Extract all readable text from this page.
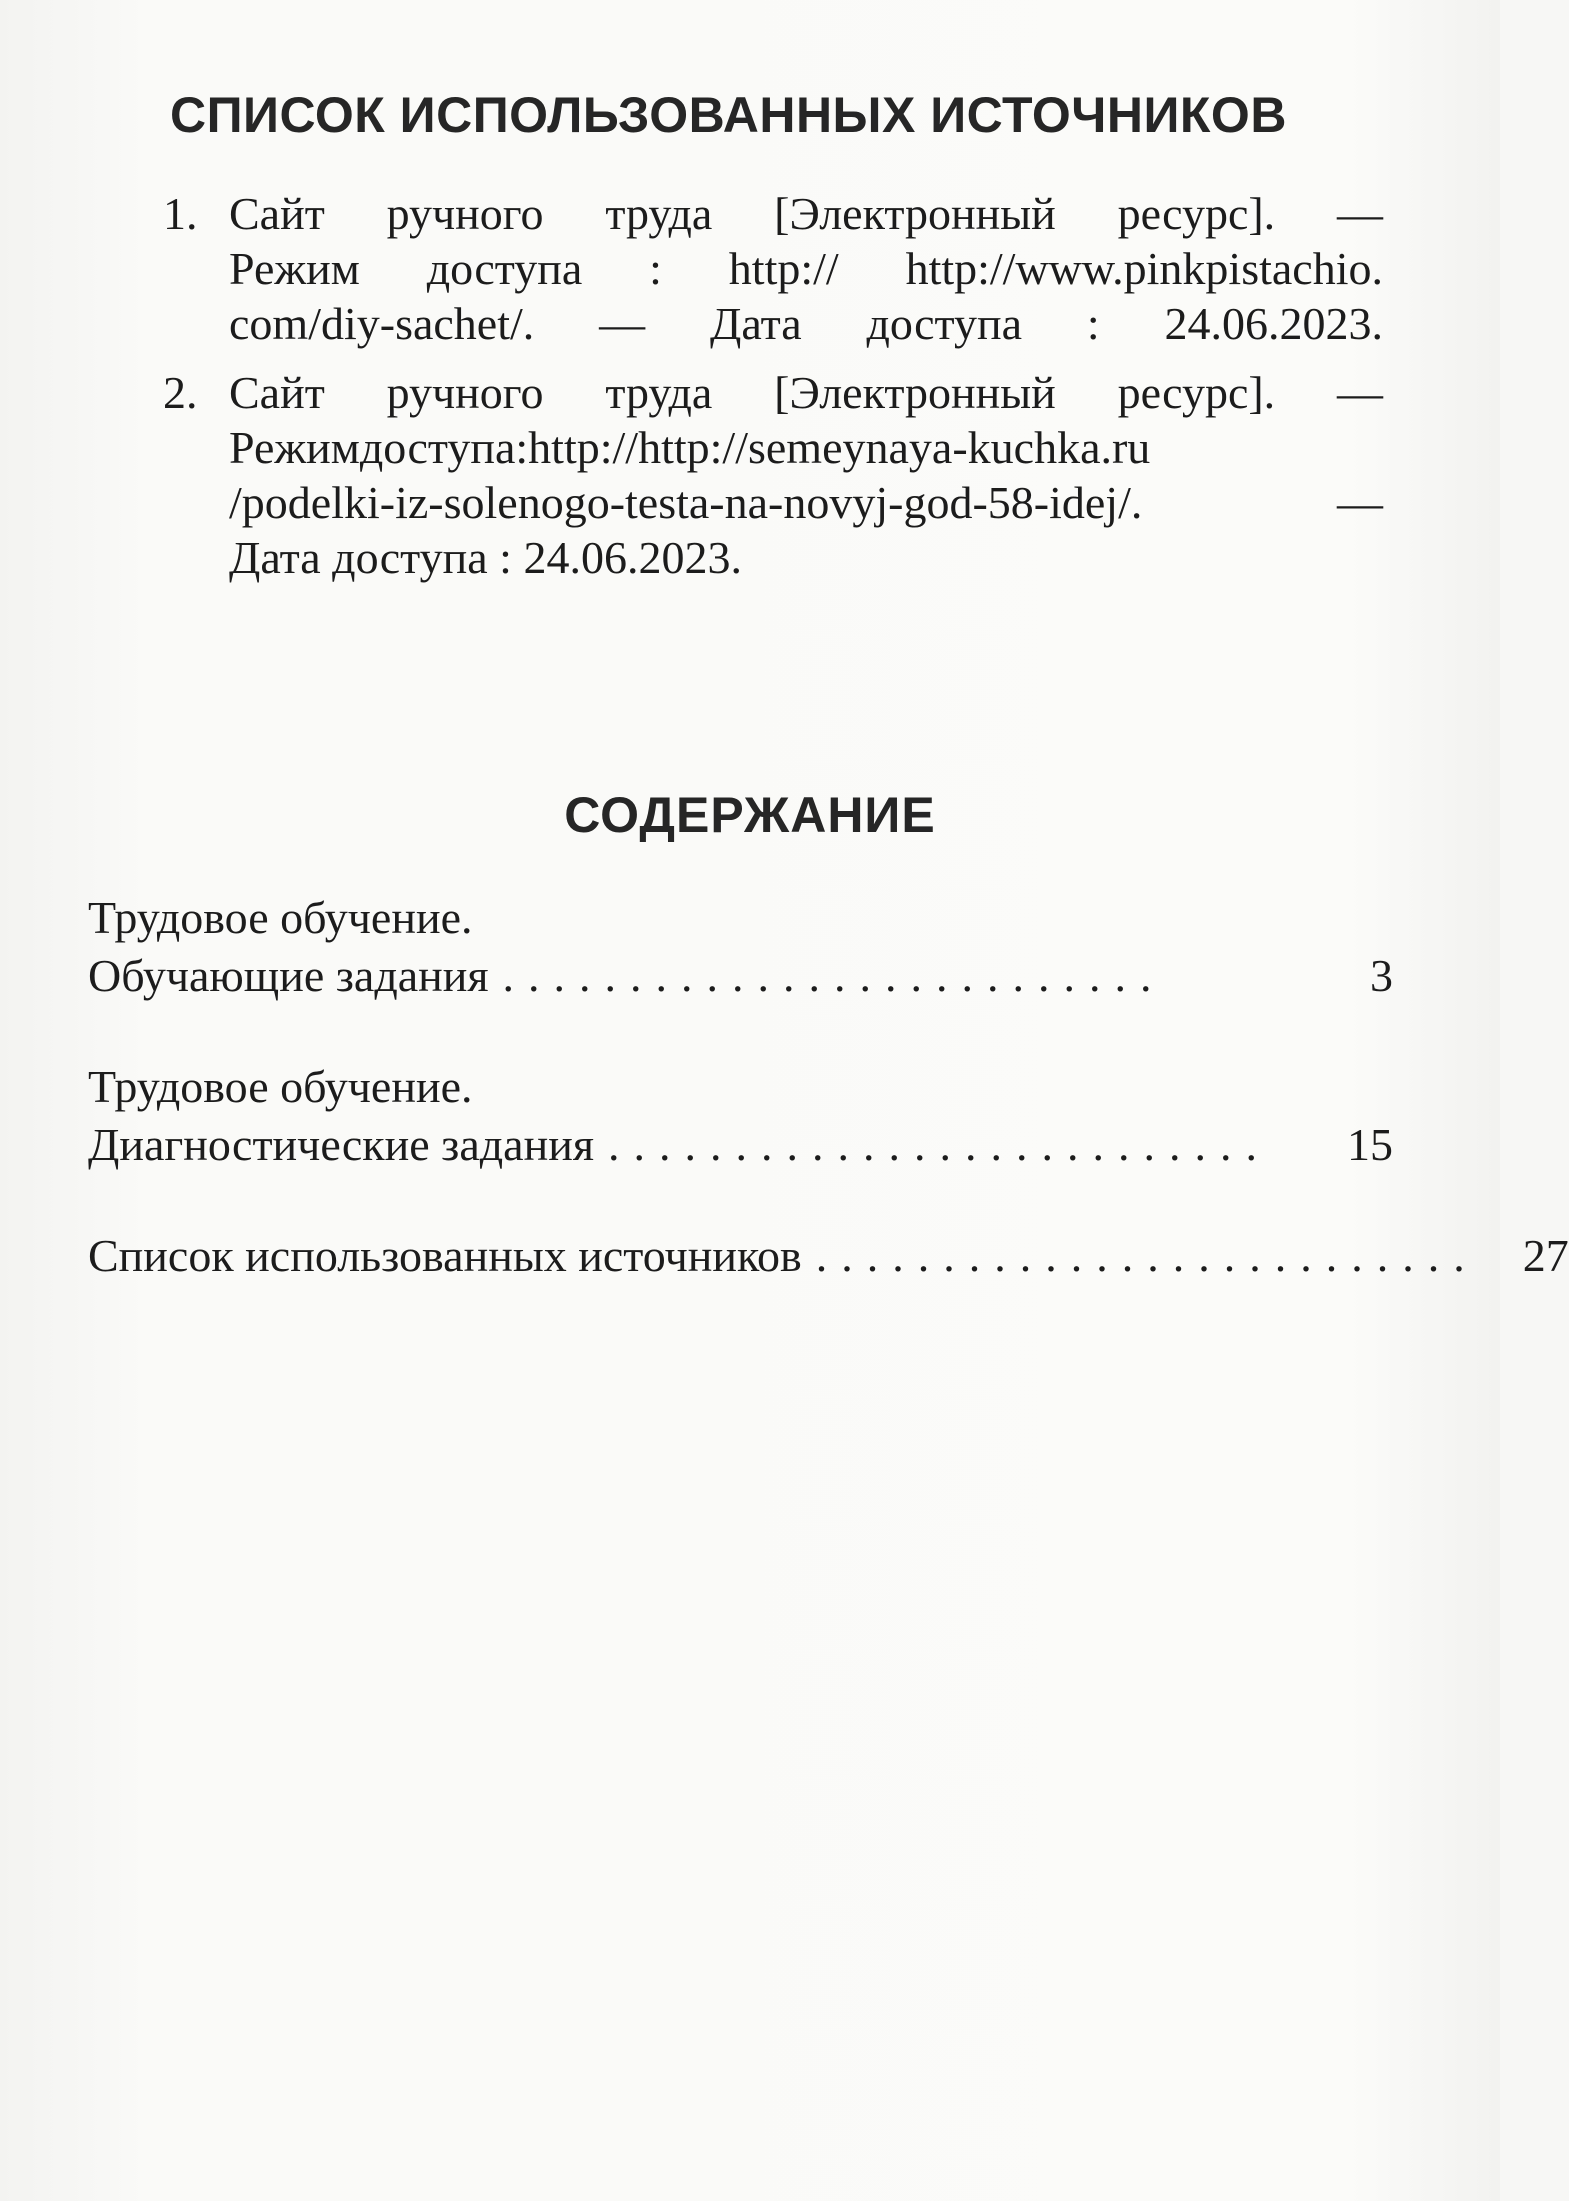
СПИСОК ИСПОЛЬЗОВАННЫХ ИСТОЧНИКОВ
1. Сайт ручного труда [Электронный ресурс]. —
Режим доступа : http:// http://www.pinkpistachio.
com/diy-sachet/. — Дата доступа : 24.06.2023.
2. Сайт ручного труда [Электронный ресурс]. —
Режимдоступа:http://http://semeynaya-kuchka.ru
/podelki-iz-solenogo-testa-na-novyj-god-58-idej/. —
Дата доступа : 24.06.2023.
СОДЕРЖАНИЕ
Трудовое обучение.
Обучающие задания ..........................	3
Трудовое обучение.
Диагностические задания ..........................	15
Список использованных источников .......................... 27
